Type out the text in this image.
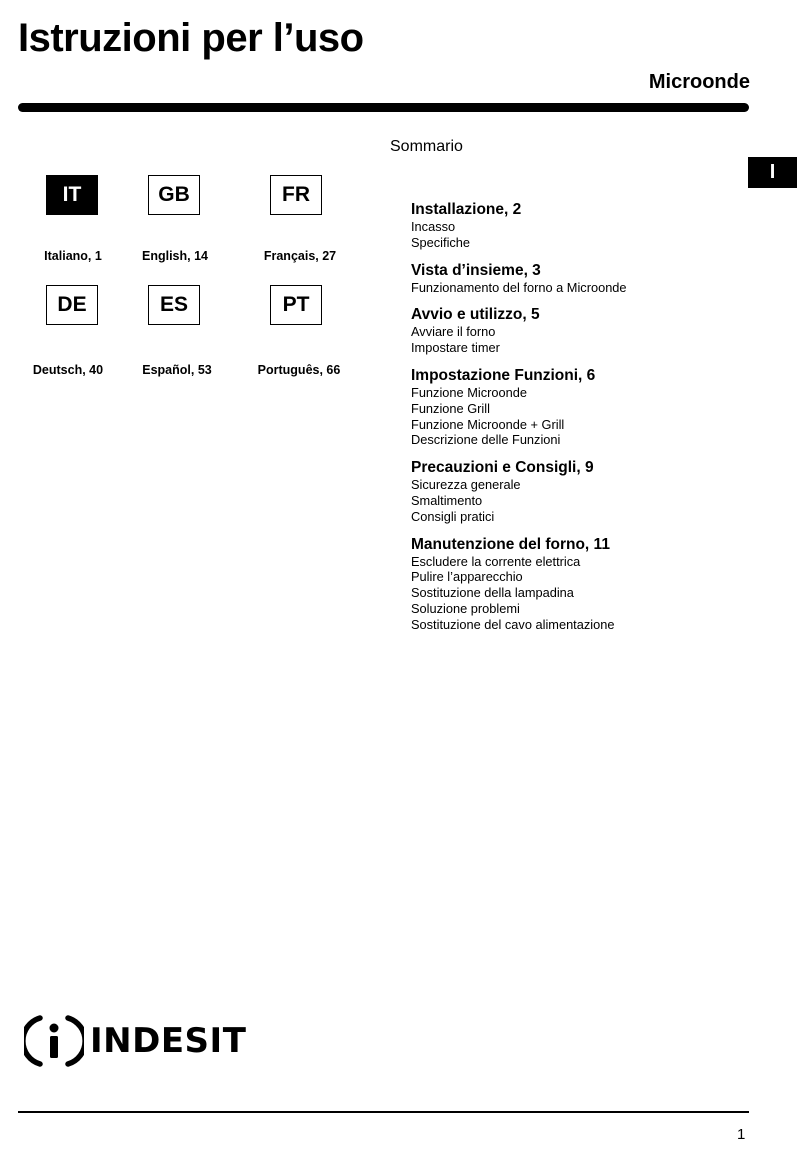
Istruzioni per l’uso
Microonde
I
Sommario
IT	GB	FR
Italiano, 1	English, 14	Français, 27
DE	ES	PT
Deutsch, 40	Español, 53	Português, 66
Installazione, 2
Incasso
Specifiche
Vista d’insieme, 3
Funzionamento del forno a Microonde
Avvio e utilizzo, 5
Avviare il forno
Impostare timer
Impostazione Funzioni, 6
Funzione Microonde
Funzione Grill
Funzione Microonde + Grill
Descrizione delle Funzioni
Precauzioni e Consigli, 9
Sicurezza generale
Smaltimento
Consigli pratici
Manutenzione del forno, 11
Escludere la corrente elettrica
Pulire l’apparecchio
Sostituzione della lampadina
Soluzione problemi
Sostituzione del cavo alimentazione
INDESIT
1
